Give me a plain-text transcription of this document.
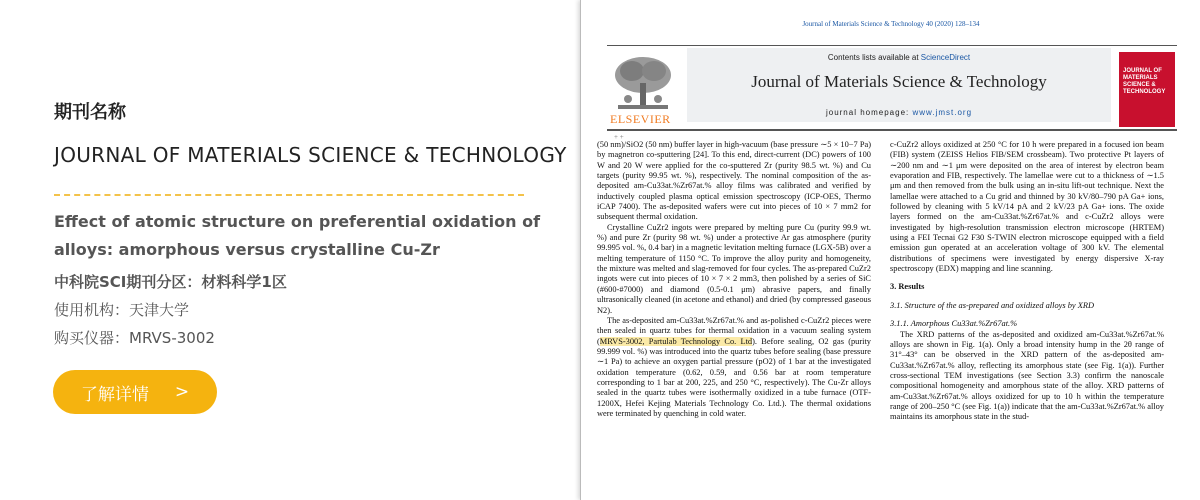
期刊名称
JOURNAL OF MATERIALS SCIENCE & TECHNOLOGY
Effect of atomic structure on preferential oxidation of alloys: amorphous versus crystalline Cu-Zr
中科院SCI期刊分区：材料科学1区
使用机构：天津大学
购买仪器：MRVS-3002
了解详情 >
Journal of Materials Science & Technology 40 (2020) 128–134
ELSEVIER
Contents lists available at ScienceDirect
Journal of Materials Science & Technology
journal homepage: www.jmst.org
JOURNAL OF MATERIALS SCIENCE & TECHNOLOGY
+ +

(50 nm)/SiO2 (50 nm) buffer layer in high-vacuum (base pressure ∼5 × 10−7 Pa) by magnetron co-sputtering [24]. To this end, direct-current (DC) powers of 100 W and 20 W were applied for the co-sputtered Zr (purity 98.5 wt. %) and Cu targets (purity 99.95 wt. %), respectively. The nominal composition of the as-deposited am-Cu33at.%Zr67at.% alloy films was calibrated and verified by inductively coupled plasma optical emission spectroscopy (ICP-OES, Thermo iCAP 7400). The as-deposited wafers were cut into pieces of 10 × 7 mm2 for subsequent thermal oxidation.

Crystalline CuZr2 ingots were prepared by melting pure Cu (purity 99.9 wt. %) and pure Zr (purity 98 wt. %) under a protective Ar gas atmosphere (purity 99.995 vol. %, 0.4 bar) in a magnetic levitation melting furnace (LGX-5B) over a melting temperature of 1150 °C. To improve the alloy purity and homogeneity, the mixture was melted and slag-removed for four cycles. The as-prepared CuZr2 ingots were cut into pieces of 10 × 7 × 2 mm3, then polished by a series of SiC (#600-#7000) and diamond (0.5-0.1 μm) abrasive papers, and finally ultrasonically cleaned (in acetone and ethanol) and dried (by compressed gaseous N2).

The as-deposited am-Cu33at.%Zr67at.% and as-polished c-CuZr2 pieces were then sealed in quartz tubes for thermal oxidation in a vacuum sealing system (MRVS-3002, Partulab Technology Co. Ltd). Before sealing, O2 gas (purity 99.999 vol. %) was introduced into the quartz tubes before sealing (base pressure ∼1 Pa) to achieve an oxygen partial pressure (pO2) of 1 bar at the investigated oxidation temperature (0.62, 0.59, and 0.56 bar at room temperature corresponding to 1 bar at 200, 225, and 250 °C, respectively). The Cu-Zr alloys sealed in the quartz tubes were isothermally oxidized in a tube furnace (OTF-1200X, Hefei Kejing Materials Technology Co. Ltd.). The thermal oxidations were terminated by quenching in cold water.

c-CuZr2 alloys oxidized at 250 °C for 10 h were prepared in a focused ion beam (FIB) system (ZEISS Helios FIB/SEM crossbeam). Two protective Pt layers of ∼200 nm and ∼1 μm were deposited on the area of interest by electron beam evaporation and FIB, respectively. The lamellae were cut to a thickness of ∼1.5 μm and then removed from the bulk using an in-situ lift-out technique. Next the lamellae were attached to a Cu grid and thinned by 30 kV/80–790 pA Ga+ ions, followed by cleaning with 5 kV/14 pA and 2 kV/23 pA Ga+ ions. The oxide layers formed on the am-Cu33at.%Zr67at.% and c-CuZr2 alloys were investigated by high-resolution transmission electron microscope (HRTEM) using a FEI Tecnai G2 F30 S-TWIN electron microscope equipped with a field emission gun operated at an acceleration voltage of 300 kV. The elemental distributions of specimens were investigated by energy dispersive X-ray spectroscopy (EDX) mapping and line scanning.

3. Results

3.1. Structure of the as-prepared and oxidized alloys by XRD

3.1.1. Amorphous Cu33at.%Zr67at.%

The XRD patterns of the as-deposited and oxidized am-Cu33at.%Zr67at.% alloys are shown in Fig. 1(a). Only a broad intensity hump in the 2θ range of 31°–43° can be observed in the XRD pattern of the as-deposited am-Cu33at.%Zr67at.% alloy, reflecting its amorphous state (see Fig. 1(a)). Further cross-sectional TEM investigations (see Section 3.3) confirm the nanoscale compositional homogeneity and amorphous state of the alloy. XRD patterns of am-Cu33at.%Zr67at.% alloys oxidized for up to 10 h within the temperature range of 200–250 °C (see Fig. 1(a)) indicate that the am-Cu33at.%Zr67at.% alloy maintains its amorphous state in the stud-
